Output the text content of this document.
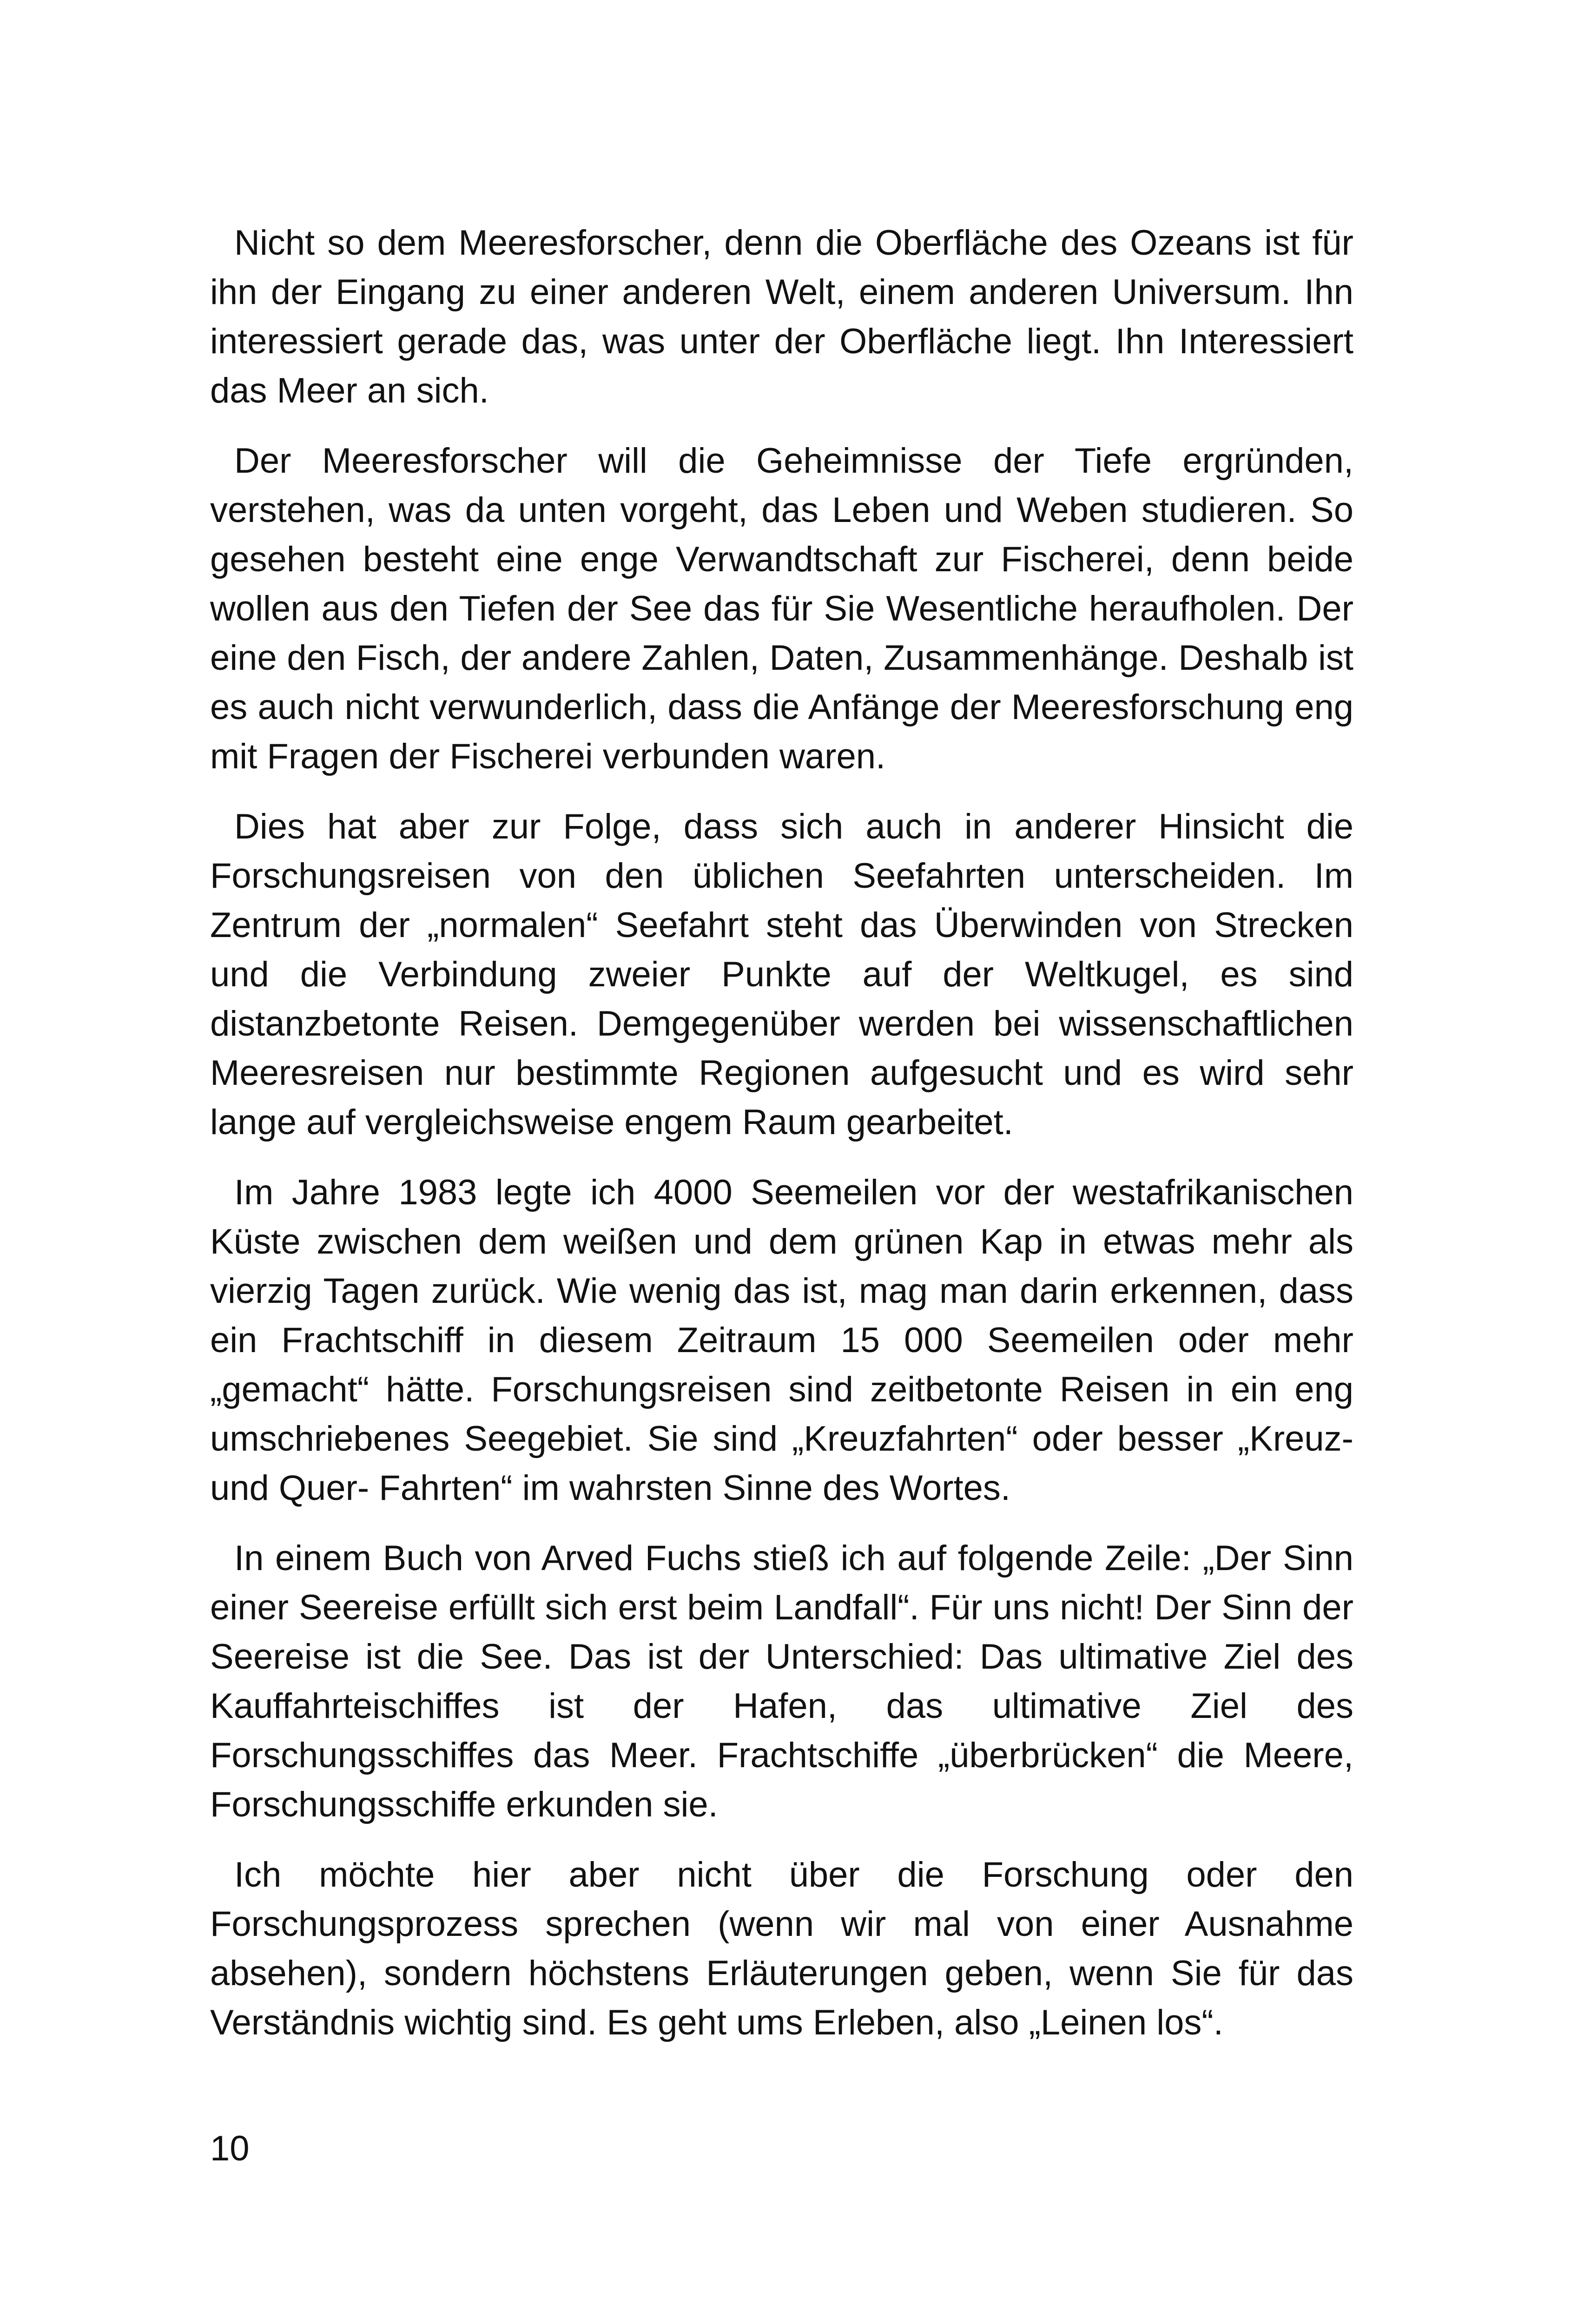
Nicht so dem Meeresforscher, denn die Oberfläche des Ozeans ist für ihn der Eingang zu einer anderen Welt, einem anderen Universum. Ihn interessiert gerade das, was unter der Oberfläche liegt. Ihn Interessiert das Meer an sich.

Der Meeresforscher will die Geheimnisse der Tiefe ergründen, verstehen, was da unten vorgeht, das Leben und Weben studieren. So gesehen besteht eine enge Verwandtschaft zur Fischerei, denn beide wollen aus den Tiefen der See das für Sie Wesentliche heraufholen. Der eine den Fisch, der andere Zahlen, Daten, Zusammenhänge. Deshalb ist es auch nicht verwunderlich, dass die Anfänge der Meeresforschung eng mit Fragen der Fischerei verbunden waren.

Dies hat aber zur Folge, dass sich auch in anderer Hinsicht die Forschungsreisen von den üblichen Seefahrten unterscheiden. Im Zentrum der „normalen“ Seefahrt steht das Überwinden von Strecken und die Verbindung zweier Punkte auf der Weltkugel, es sind distanzbetonte Reisen. Demgegenüber werden bei wissenschaftlichen Meeresreisen nur bestimmte Regionen aufgesucht und es wird sehr lange auf vergleichsweise engem Raum gearbeitet.

Im Jahre 1983 legte ich 4000 Seemeilen vor der westafrikanischen Küste zwischen dem weißen und dem grünen Kap in etwas mehr als vierzig Tagen zurück. Wie wenig das ist, mag man darin erkennen, dass ein Frachtschiff in diesem Zeitraum 15 000 Seemeilen oder mehr „gemacht“ hätte. Forschungsreisen sind zeitbetonte Reisen in ein eng umschriebenes Seegebiet. Sie sind „Kreuzfahrten“ oder besser „Kreuz- und Quer- Fahrten“ im wahrsten Sinne des Wortes.

In einem Buch von Arved Fuchs stieß ich auf folgende Zeile: „Der Sinn einer Seereise erfüllt sich erst beim Landfall“. Für uns nicht! Der Sinn der Seereise ist die See. Das ist der Unterschied: Das ultimative Ziel des Kauffahrteischiffes ist der Hafen, das ultimative Ziel des Forschungsschiffes das Meer. Frachtschiffe „überbrücken“ die Meere, Forschungsschiffe erkunden sie.

Ich möchte hier aber nicht über die Forschung oder den Forschungsprozess sprechen (wenn wir mal von einer Ausnahme absehen), sondern höchstens Erläuterungen geben, wenn Sie für das Verständnis wichtig sind. Es geht ums Erleben, also „Leinen los“.

10
